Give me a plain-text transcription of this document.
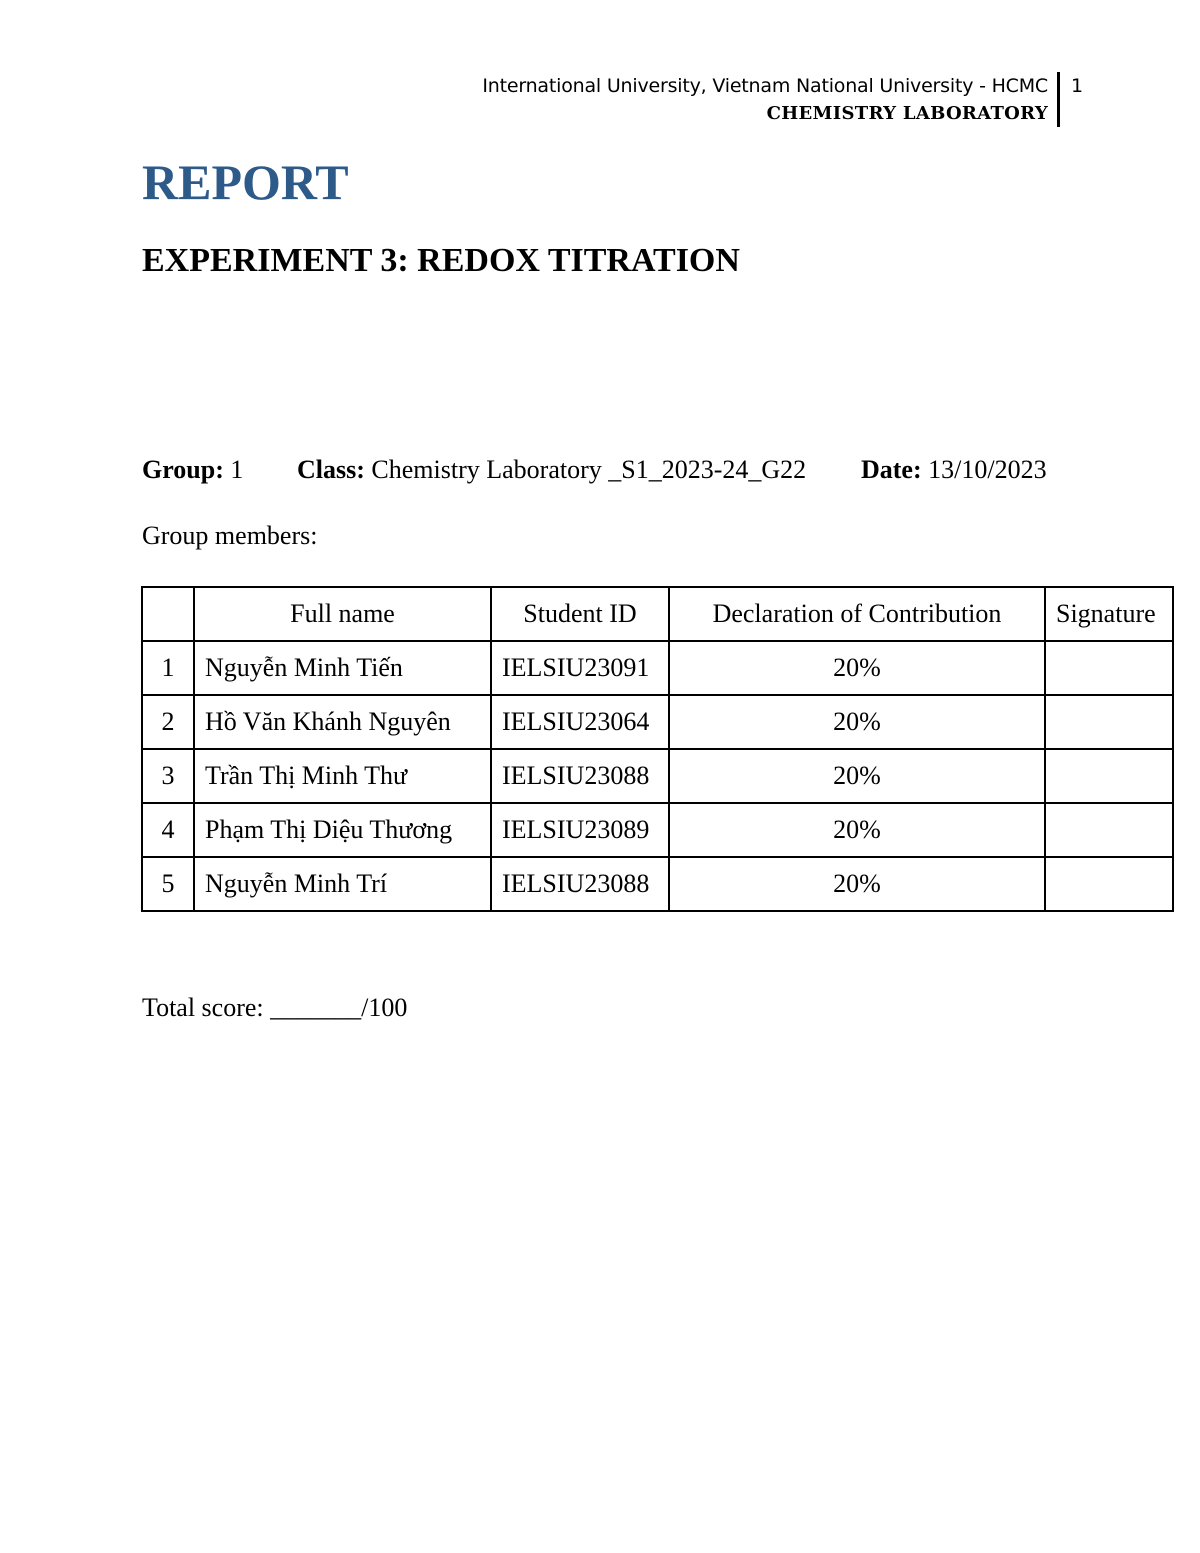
International University, Vietnam National University - HCMC
CHEMISTRY LABORATORY
1
REPORT
EXPERIMENT 3: REDOX TITRATION
Group: 1 Class: Chemistry Laboratory _S1_2023-24_G22 Date: 13/10/2023
Group members:
	Full name	Student ID	Declaration of Contribution	Signature
1	Nguyễn Minh Tiến	IELSIU23091	20%	
2	Hồ Văn Khánh Nguyên	IELSIU23064	20%	
3	Trần Thị Minh Thư	IELSIU23088	20%	
4	Phạm Thị Diệu Thương	IELSIU23089	20%	
5	Nguyễn Minh Trí	IELSIU23088	20%	
Total score: _______/100
